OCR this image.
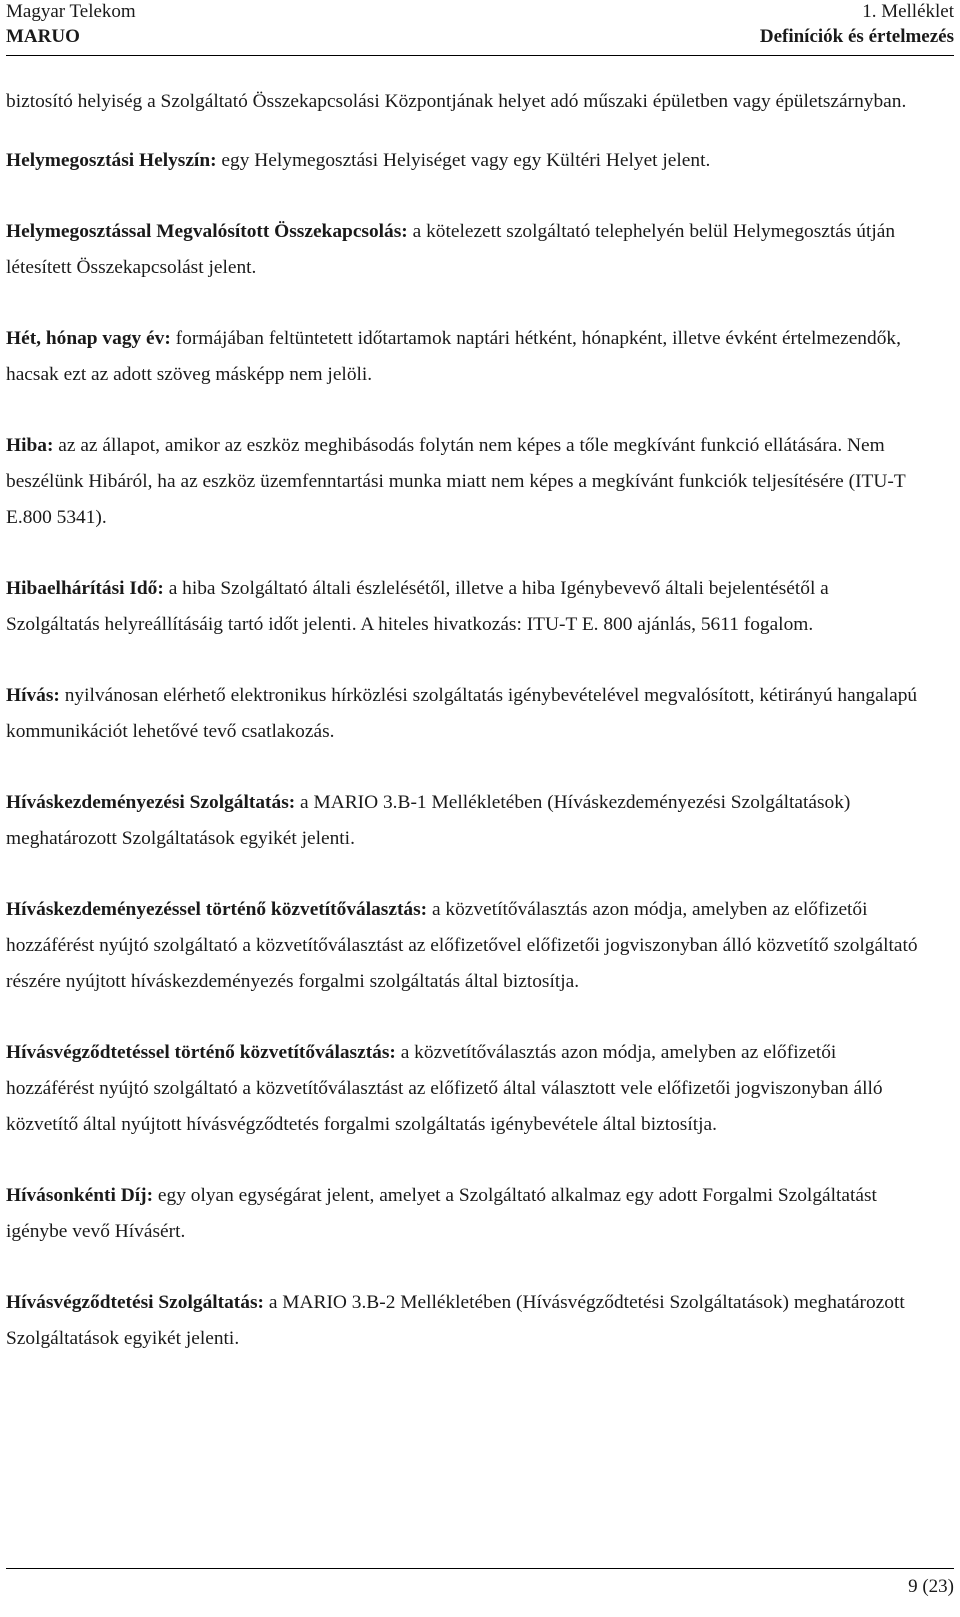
Magyar Telekom	1. Melléklet
MARUO	Definíciók és értelmezés

biztosító helyiség a Szolgáltató Összekapcsolási Központjának helyet adó műszaki épületben vagy épületszárnyban.

Helymegosztási Helyszín: egy Helymegosztási Helyiséget vagy egy Kültéri Helyet jelent.

Helymegosztással Megvalósított Összekapcsolás: a kötelezett szolgáltató telephelyén belül Helymegosztás útján létesített Összekapcsolást jelent.

Hét, hónap vagy év: formájában feltüntetett időtartamok naptári hétként, hónapként, illetve évként értelmezendők, hacsak ezt az adott szöveg másképp nem jelöli.

Hiba: az az állapot, amikor az eszköz meghibásodás folytán nem képes a tőle megkívánt funkció ellátására. Nem beszélünk Hibáról, ha az eszköz üzemfenntartási munka miatt nem képes a megkívánt funkciók teljesítésére (ITU-T E.800 5341).

Hibaelhárítási Idő: a hiba Szolgáltató általi észlelésétől, illetve a hiba Igénybevevő általi bejelentésétől a Szolgáltatás helyreállításáig tartó időt jelenti. A hiteles hivatkozás: ITU-T E. 800 ajánlás, 5611 fogalom.

Hívás: nyilvánosan elérhető elektronikus hírközlési szolgáltatás igénybevételével megvalósított, kétirányú hangalapú kommunikációt lehetővé tevő csatlakozás.

Híváskezdeményezési Szolgáltatás: a MARIO 3.B-1 Mellékletében (Híváskezdeményezési Szolgáltatások) meghatározott Szolgáltatások egyikét jelenti.

Híváskezdeményezéssel történő közvetítőválasztás: a közvetítőválasztás azon módja, amelyben az előfizetői hozzáférést nyújtó szolgáltató a közvetítőválasztást az előfizetővel előfizetői jogviszonyban álló közvetítő szolgáltató részére nyújtott híváskezdeményezés forgalmi szolgáltatás által biztosítja.

Hívásvégződtetéssel történő közvetítőválasztás: a közvetítőválasztás azon módja, amelyben az előfizetői hozzáférést nyújtó szolgáltató a közvetítőválasztást az előfizető által választott vele előfizetői jogviszonyban álló közvetítő által nyújtott hívásvégződtetés forgalmi szolgáltatás igénybevétele által biztosítja.

Hívásonkénti Díj: egy olyan egységárat jelent, amelyet a Szolgáltató alkalmaz egy adott Forgalmi Szolgáltatást igénybe vevő Hívásért.

Hívásvégződtetési Szolgáltatás: a MARIO 3.B-2 Mellékletében (Hívásvégződtetési Szolgáltatások) meghatározott Szolgáltatások egyikét jelenti.

9 (23)
